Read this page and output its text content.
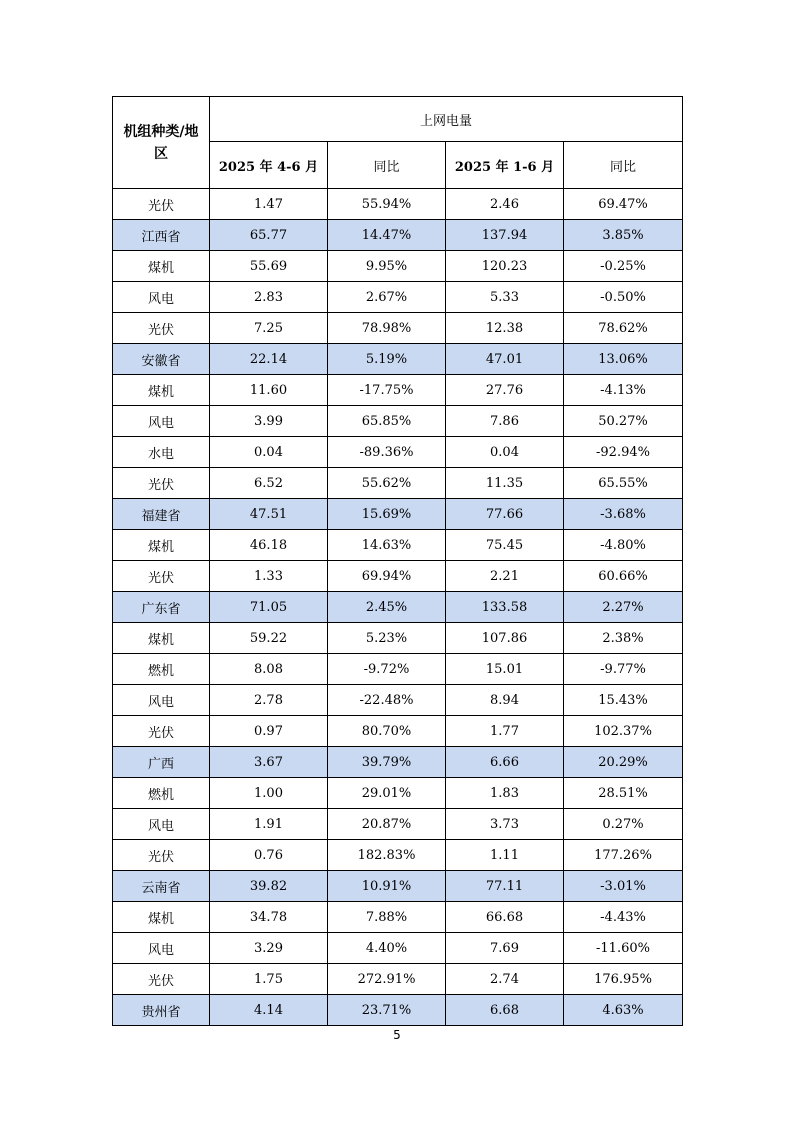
机组种类/地区	上网电量			
	2025 年 4-6 月	同比	2025 年 1-6 月	同比
光伏	1.47	55.94%	2.46	69.47%
江西省	65.77	14.47%	137.94	3.85%
煤机	55.69	9.95%	120.23	-0.25%
风电	2.83	2.67%	5.33	-0.50%
光伏	7.25	78.98%	12.38	78.62%
安徽省	22.14	5.19%	47.01	13.06%
煤机	11.60	-17.75%	27.76	-4.13%
风电	3.99	65.85%	7.86	50.27%
水电	0.04	-89.36%	0.04	-92.94%
光伏	6.52	55.62%	11.35	65.55%
福建省	47.51	15.69%	77.66	-3.68%
煤机	46.18	14.63%	75.45	-4.80%
光伏	1.33	69.94%	2.21	60.66%
广东省	71.05	2.45%	133.58	2.27%
煤机	59.22	5.23%	107.86	2.38%
燃机	8.08	-9.72%	15.01	-9.77%
风电	2.78	-22.48%	8.94	15.43%
光伏	0.97	80.70%	1.77	102.37%
广西	3.67	39.79%	6.66	20.29%
燃机	1.00	29.01%	1.83	28.51%
风电	1.91	20.87%	3.73	0.27%
光伏	0.76	182.83%	1.11	177.26%
云南省	39.82	10.91%	77.11	-3.01%
煤机	34.78	7.88%	66.68	-4.43%
风电	3.29	4.40%	7.69	-11.60%
光伏	1.75	272.91%	2.74	176.95%
贵州省	4.14	23.71%	6.68	4.63%
5
